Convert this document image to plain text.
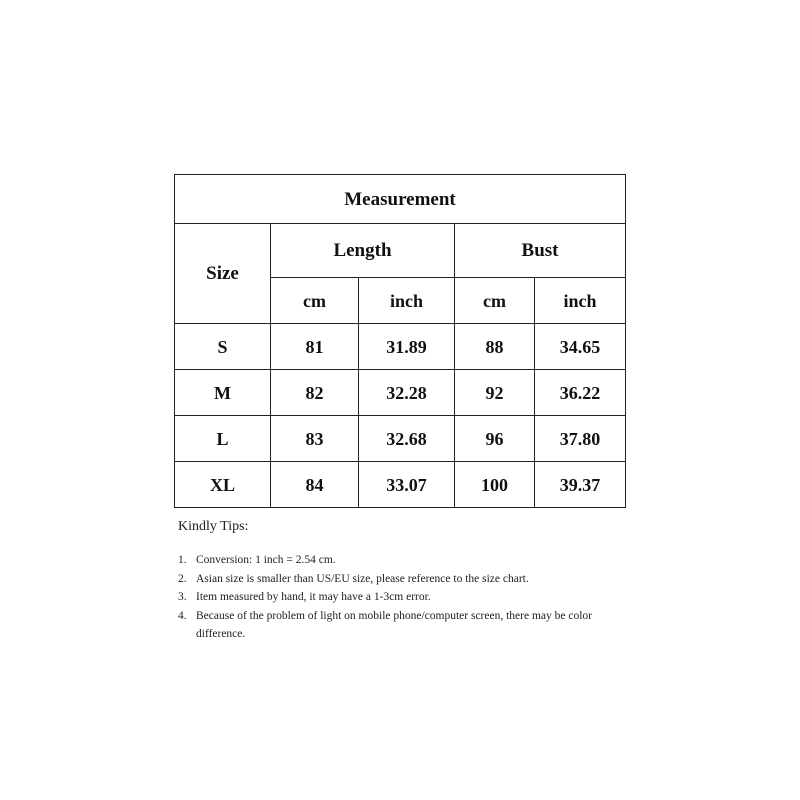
Measurement				
Size	Length		Bust	
	cm	inch	cm	inch
S	81	31.89	88	34.65
M	82	32.28	92	36.22
L	83	32.68	96	37.80
XL	84	33.07	100	39.37

Kindly Tips:

1. Conversion: 1 inch = 2.54 cm.
2. Asian size is smaller than US/EU size, please reference to the size chart.
3. Item measured by hand, it may have a 1-3cm error.
4. Because of the problem of light on mobile phone/computer screen, there may be color difference.
